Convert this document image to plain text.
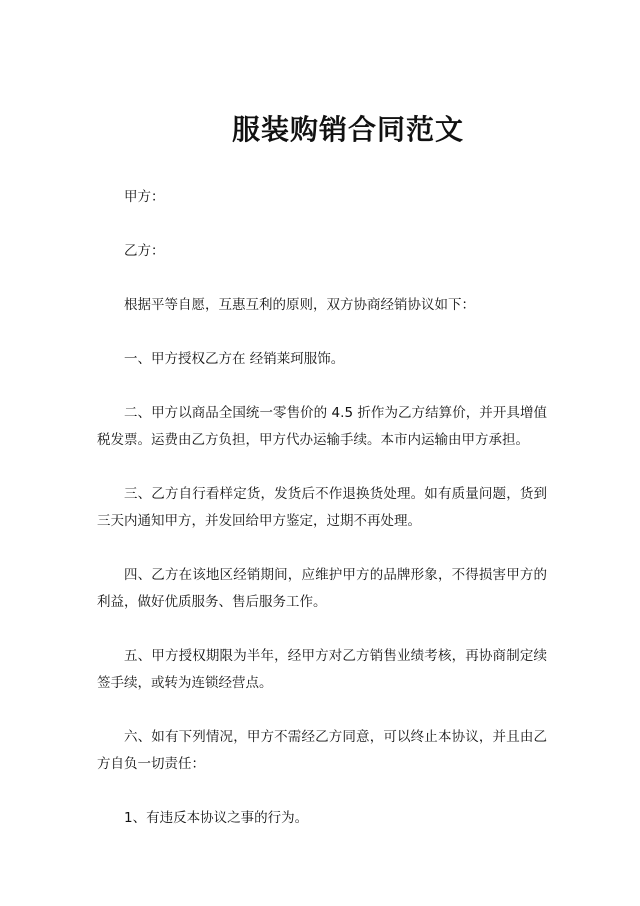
服装购销合同范文

甲方：

乙方：

根据平等自愿，互惠互利的原则，双方协商经销协议如下：

一、甲方授权乙方在 经销莱珂服饰。

二、甲方以商品全国统一零售价的 4.5 折作为乙方结算价，并开具增值税发票。运费由乙方负担，甲方代办运输手续。本市内运输由甲方承担。

三、乙方自行看样定货，发货后不作退换货处理。如有质量问题，货到三天内通知甲方，并发回给甲方鉴定，过期不再处理。

四、乙方在该地区经销期间，应维护甲方的品牌形象，不得损害甲方的利益，做好优质服务、售后服务工作。

五、甲方授权期限为半年，经甲方对乙方销售业绩考核，再协商制定续签手续，或转为连锁经营点。

六、如有下列情况，甲方不需经乙方同意，可以终止本协议，并且由乙方自负一切责任：

1、有违反本协议之事的行为。
